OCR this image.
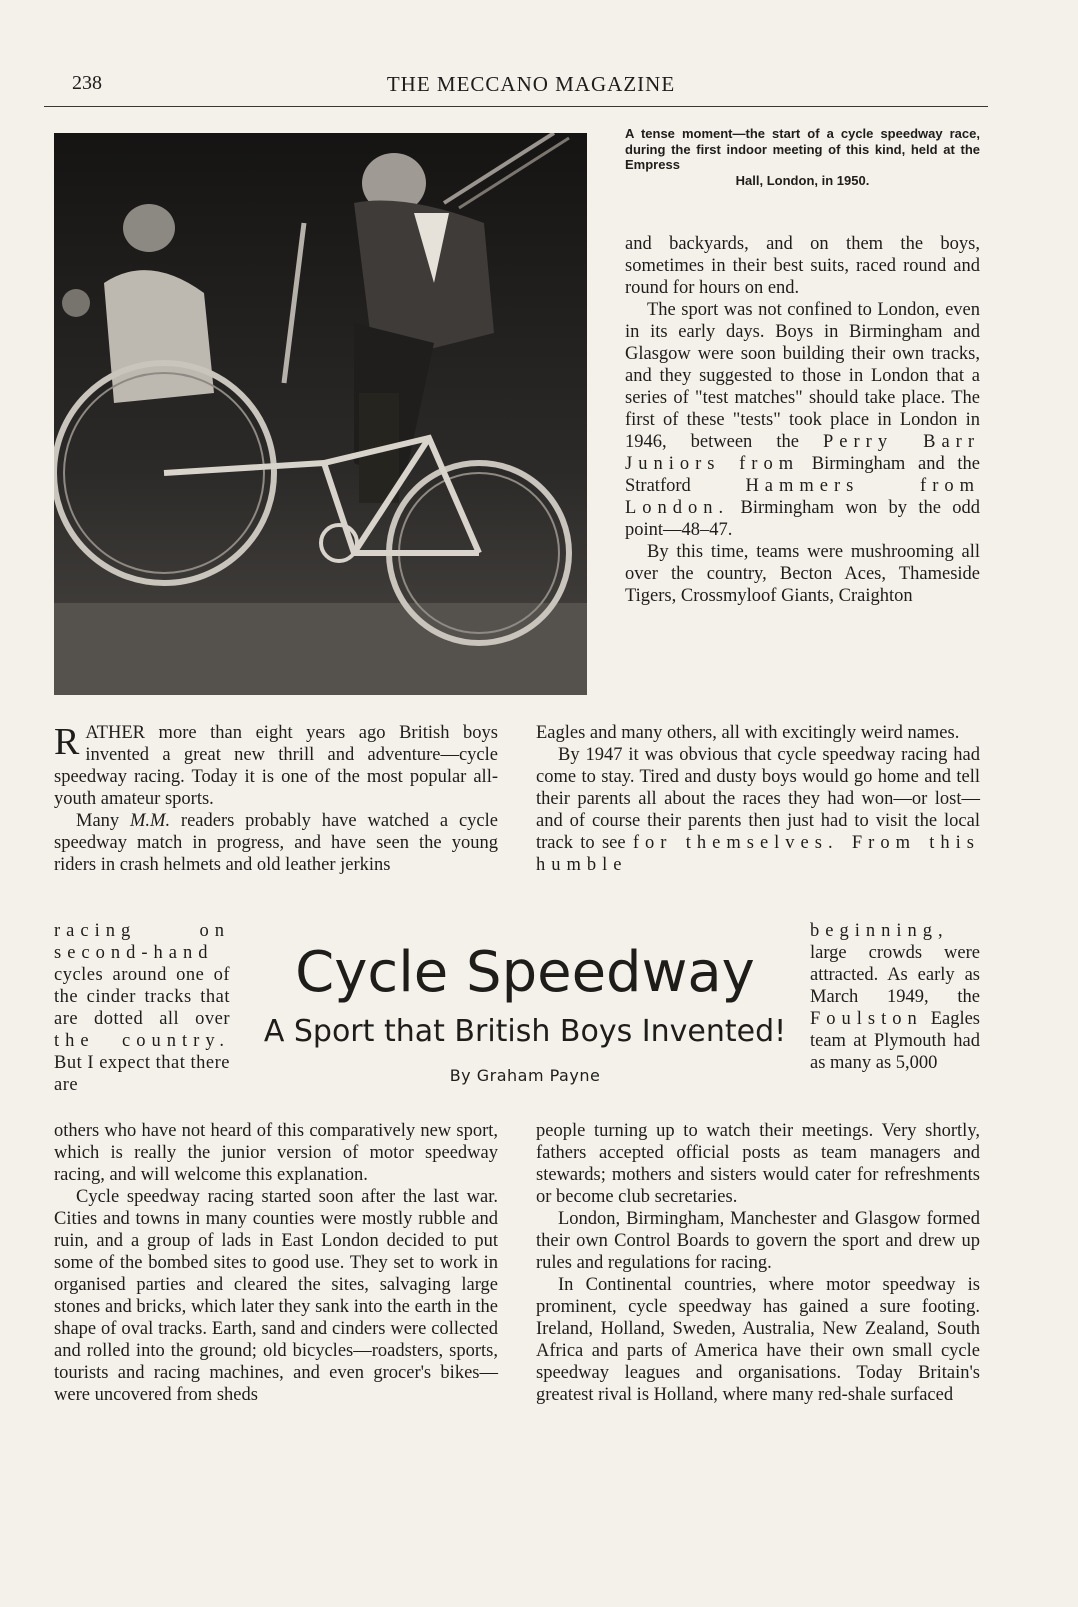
238	THE MECCANO MAGAZINE
A tense moment—the start of a cycle speedway race, during the first indoor meeting of this kind, held at the Empress
Hall, London, in 1950.

and backyards, and on them the boys, sometimes in their best suits, raced round and round for hours on end.

The sport was not confined to London, even in its early days. Boys in Birmingham and Glasgow were soon building their own tracks, and they suggested to those in London that a series of "test matches" should take place. The first of these "tests" took place in London in 1946, between the Perry Barr Juniors from Birmingham and the Stratford	Hammers from London. Birmingham won by the odd point—48–47.

By this time, teams were mushrooming all over the country, Becton Aces, Thameside Tigers, Crossmyloof Giants, Craighton

RATHER more than eight years ago British boys invented a great new thrill and adventure—cycle speedway racing. Today it is one of the most popular all-youth amateur sports.

Many M.M. readers probably have watched a cycle speedway match in progress, and have seen the young riders in crash helmets and old leather jerkins

Eagles and many others, all with excitingly weird names.

By 1947 it was obvious that cycle speedway racing had come to stay. Tired and dusty boys would go home and tell their parents all about the races they had won—or lost—and of course their parents then just had to visit the local track to see for themselves. From this humble

racing on second-hand cycles around one of the cinder tracks that are dotted all over the country. But I expect that there are

Cycle Speedway
A Sport that British Boys Invented!
By Graham Payne

beginning, large crowds were attracted. As early as March 1949, the Foulston Eagles team at Plymouth had as many as 5,000

others who have not heard of this comparatively new sport, which is really the junior version of motor speedway racing, and will welcome this explanation.

Cycle speedway racing started soon after the last war. Cities and towns in many counties were mostly rubble and ruin, and a group of lads in East London decided to put some of the bombed sites to good use. They set to work in organised parties and cleared the sites, salvaging large stones and bricks, which later they sank into the earth in the shape of oval tracks. Earth, sand and cinders were collected and rolled into the ground; old bicycles—roadsters, sports, tourists and racing machines, and even grocer's bikes—were uncovered from sheds

people turning up to watch their meetings. Very shortly, fathers accepted official posts as team managers and stewards; mothers and sisters would cater for refreshments or become club secretaries.

London, Birmingham, Manchester and Glasgow formed their own Control Boards to govern the sport and drew up rules and regulations for racing.

In Continental countries, where motor speedway is prominent, cycle speedway has gained a sure footing. Ireland, Holland, Sweden, Australia, New Zealand, South Africa and parts of America have their own small cycle speedway leagues and organisations. Today Britain's greatest rival is Holland, where many red-shale surfaced
